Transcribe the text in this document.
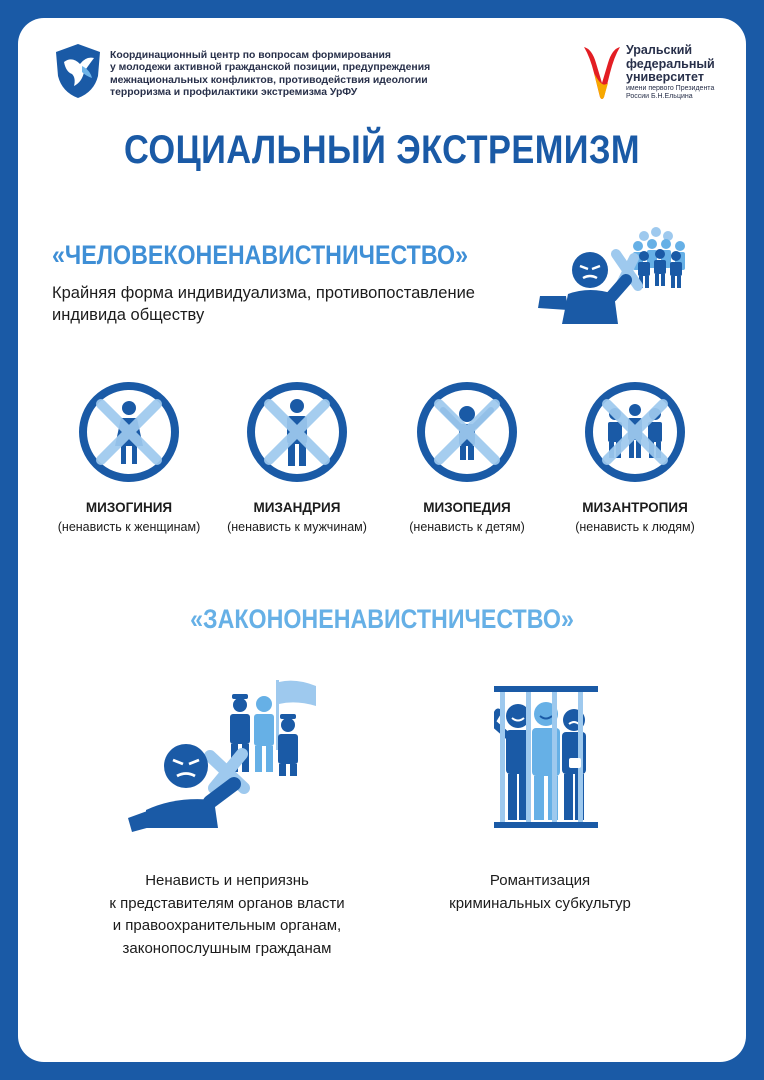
Координационный центр по вопросам формирования
у молодежи активной гражданской позиции, предупреждения
межнациональных конфликтов, противодействия идеологии
терроризма и профилактики экстремизма УрФУ
Уральский
федеральный
университет
имени первого Президента
России Б.Н.Ельцина
СОЦИАЛЬНЫЙ ЭКСТРЕМИЗМ
«ЧЕЛОВЕКОНЕНАВИСТНИЧЕСТВО»
Крайняя форма индивидуализма, противопоставление индивида обществу
МИЗОГИНИЯ
(ненависть к женщинам)
МИЗАНДРИЯ
(ненависть к мужчинам)
МИЗОПЕДИЯ
(ненависть к детям)
МИЗАНТРОПИЯ
(ненависть к людям)
«ЗАКОНОНЕНАВИСТНИЧЕСТВО»
Ненависть и неприязнь
к представителям органов власти
и правоохранительным органам,
законопослушным гражданам
Романтизация
криминальных субкультур
